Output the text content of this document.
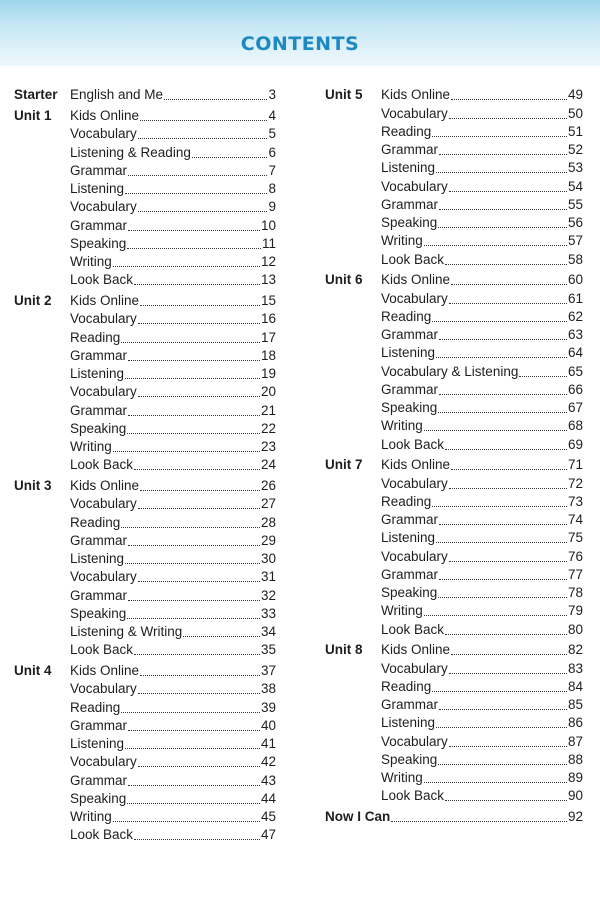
CONTENTS
Starter English and Me	3
Unit 1	Kids Online	4
Vocabulary	5
Listening & Reading	6
Grammar	7
Listening	8
Vocabulary	9
Grammar	10
Speaking	11
Writing	12
Look Back	13
Unit 2	Kids Online	15
Vocabulary	16
Reading	17
Grammar	18
Listening	19
Vocabulary	20
Grammar	21
Speaking	22
Writing	23
Look Back	24
Unit 3	Kids Online	26
Vocabulary	27
Reading	28
Grammar	29
Listening	30
Vocabulary	31
Grammar	32
Speaking	33
Listening & Writing	34
Look Back	35
Unit 4	Kids Online	37
Vocabulary	38
Reading	39
Grammar	40
Listening	41
Vocabulary	42
Grammar	43
Speaking	44
Writing	45
Look Back	47
Unit 5	Kids Online	49
Vocabulary	50
Reading	51
Grammar	52
Listening	53
Vocabulary	54
Grammar	55
Speaking	56
Writing	57
Look Back	58
Unit 6	Kids Online	60
Vocabulary	61
Reading	62
Grammar	63
Listening	64
Vocabulary & Listening	65
Grammar	66
Speaking	67
Writing	68
Look Back	69
Unit 7	Kids Online	71
Vocabulary	72
Reading	73
Grammar	74
Listening	75
Vocabulary	76
Grammar	77
Speaking	78
Writing	79
Look Back	80
Unit 8	Kids Online	82
Vocabulary	83
Reading	84
Grammar	85
Listening	86
Vocabulary	87
Speaking	88
Writing	89
Look Back	90
Now I Can	92
